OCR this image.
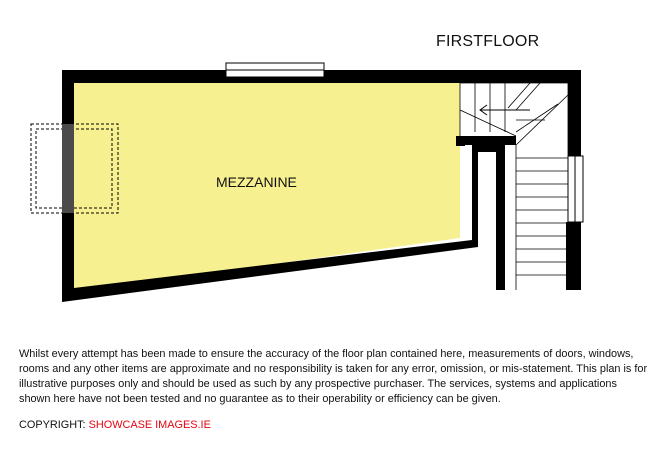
FIRSTFLOOR
MEZZANINE
Whilst every attempt has been made to ensure the accuracy of the floor plan contained here, measurements of doors, windows, rooms and any other items are approximate and no responsibility is taken for any error, omission, or mis-statement. This plan is for illustrative purposes only and should be used as such by any prospective purchaser. The services, systems and applications shown here have not been tested and no guarantee as to their operability or efficiency can be given.
COPYRIGHT: SHOWCASE IMAGES.IE
